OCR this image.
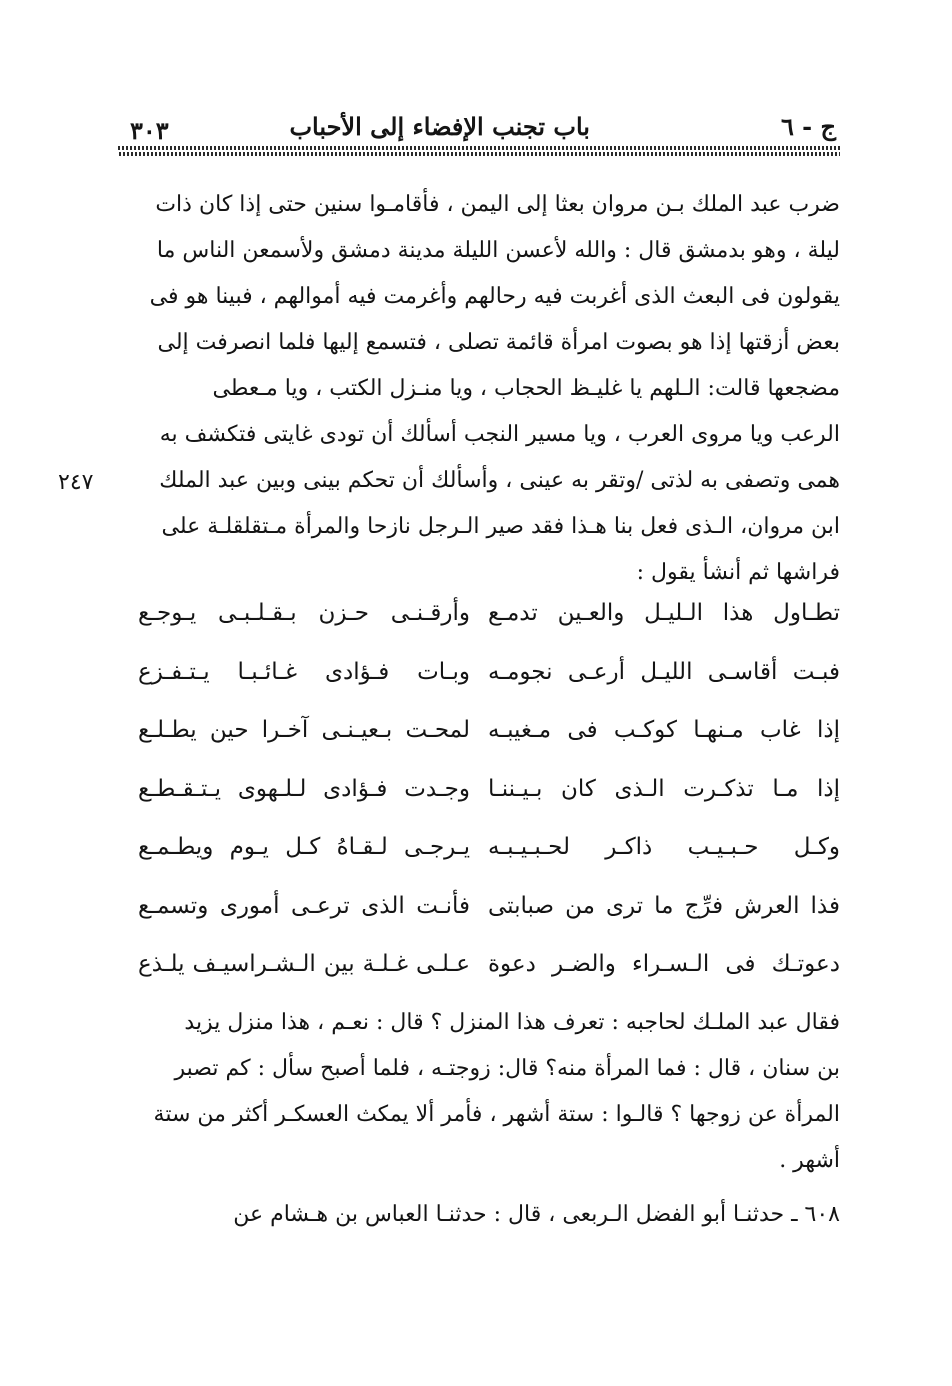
ج - ٦
باب تجنب الإفضاء إلى الأحباب
٣٠٣

ضرب عبد الملك بـن مروان بعثا إلى اليمن ، فأقامـوا سنين حتى إذا كان ذات

ليلة ، وهو بدمشق قال : والله لأعسن الليلة مدينة دمشق ولأسمعن الناس ما

يقولون فى البعث الذى أغربت فيه رحالهم وأغرمت فيه أموالهم ، فبينا هو فى

بعض أزقتها إذا هو بصوت امرأة قائمة تصلى ، فتسمع إليها فلما انصرفت إلى

مضجعها قالت: الـلهم يا غليـظ الحجاب ، ويا منـزل الكتب ، ويا مـعطى

الرعب ويا مروى العرب ، ويا مسير النجب أسألك أن تودى غايتى فتكشف به

همى وتصفى به لذتى /وتقر به عينى ، وأسألك أن تحكم بينى وبين عبد الملك

ابن مروان، الـذى فعل بنا هـذا فقد صير الـرجل نازحا والمرأة مـتقلقلـة على

فراشها ثم أنشأ يقول :

٢٤٧
تطـاول هذا الـليـل والعـين تدمـع
وأرقـنـى حـزن بـقـلـبـى يـوجـع
فبـت أقاسـى الليـل أرعـى نجومـه
وبـات فـؤادى غـائـبـا يـتـفـزع
إذا غاب مـنهـا كوكـب فى مـغيبـه
لمحـت بـعيـنـى آخـرا حين يطـلـع
إذا مـا تذكـرت الـذى كان بـيـننـا
وجـدت فـؤادى لـلـهوى يـتـقـطـع
وكـل حـبـيـب ذاكـر لحـبـيـبـه
يـرجـى لـقـاهُ كـل يـوم ويطـمـع
فذا العرش فرِّج ما ترى من صبابتى
فأنـت الذى ترعـى أمورى وتسمـع
دعوتـك فى الـسـراء والضـر دعوة
عـلـى غـلـة بين الـشـراسيـف يلـذع

فقال عبد الملـك لحاجبه : تعرف هذا المنزل ؟ قال : نعـم ، هذا منزل يزيد

بن سنان ، قال : فما المرأة منه؟ قال: زوجتـه ، فلما أصبح سأل : كم تصبر

المرأة عن زوجها ؟ قالـوا : ستة أشهر ، فأمر ألا يمكث العسكـر أكثر من ستة

أشهر .

٦٠٨ ـ حدثنـا أبو الفضل الـربعى ، قال : حدثنـا العباس بن هـشام عن
